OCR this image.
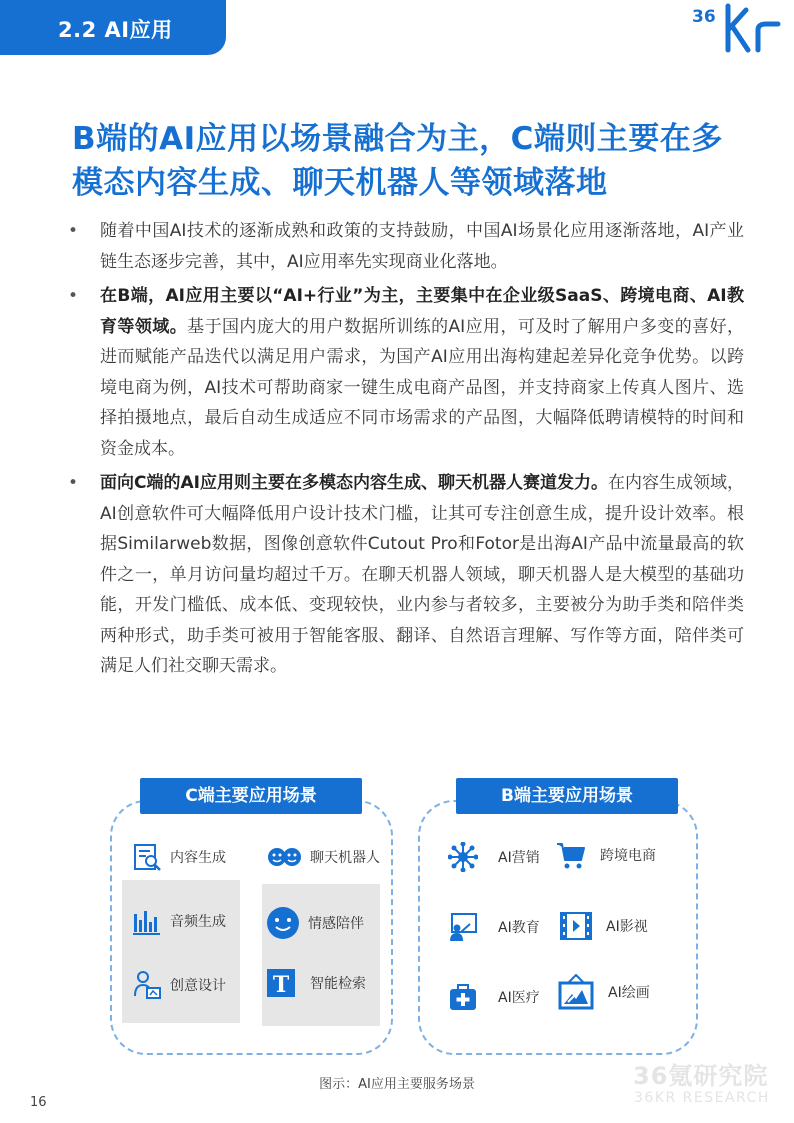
2.2 AI应用
36
B端的AI应用以场景融合为主，C端则主要在多
模态内容生成、聊天机器人等领域落地
• 随着中国AI技术的逐渐成熟和政策的支持鼓励，中国AI场景化应用逐渐落地，AI产业链生态逐步完善，其中，AI应用率先实现商业化落地。
• 在B端，AI应用主要以“AI+行业”为主，主要集中在企业级SaaS、跨境电商、AI教育等领域。基于国内庞大的用户数据所训练的AI应用，可及时了解用户多变的喜好，进而赋能产品迭代以满足用户需求，为国产AI应用出海构建起差异化竞争优势。以跨境电商为例，AI技术可帮助商家一键生成电商产品图，并支持商家上传真人图片、选择拍摄地点，最后自动生成适应不同市场需求的产品图，大幅降低聘请模特的时间和资金成本。
• 面向C端的AI应用则主要在多模态内容生成、聊天机器人赛道发力。在内容生成领域，AI创意软件可大幅降低用户设计技术门槛，让其可专注创意生成，提升设计效率。根据Similarweb数据，图像创意软件Cutout Pro和Fotor是出海AI产品中流量最高的软件之一，单月访问量均超过千万。在聊天机器人领域，聊天机器人是大模型的基础功能，开发门槛低、成本低、变现较快，业内参与者较多，主要被分为助手类和陪伴类两种形式，助手类可被用于智能客服、翻译、自然语言理解、写作等方面，陪伴类可满足人们社交聊天需求。
C端主要应用场景	B端主要应用场景
内容生成	聊天机器人
音频生成	情感陪伴
创意设计 T 智能检索
AI营销	跨境电商
AI教育	AI影视
AI医疗	AI绘画
图示：AI应用主要服务场景	36氪研究院
36KR RESEARCH
16
